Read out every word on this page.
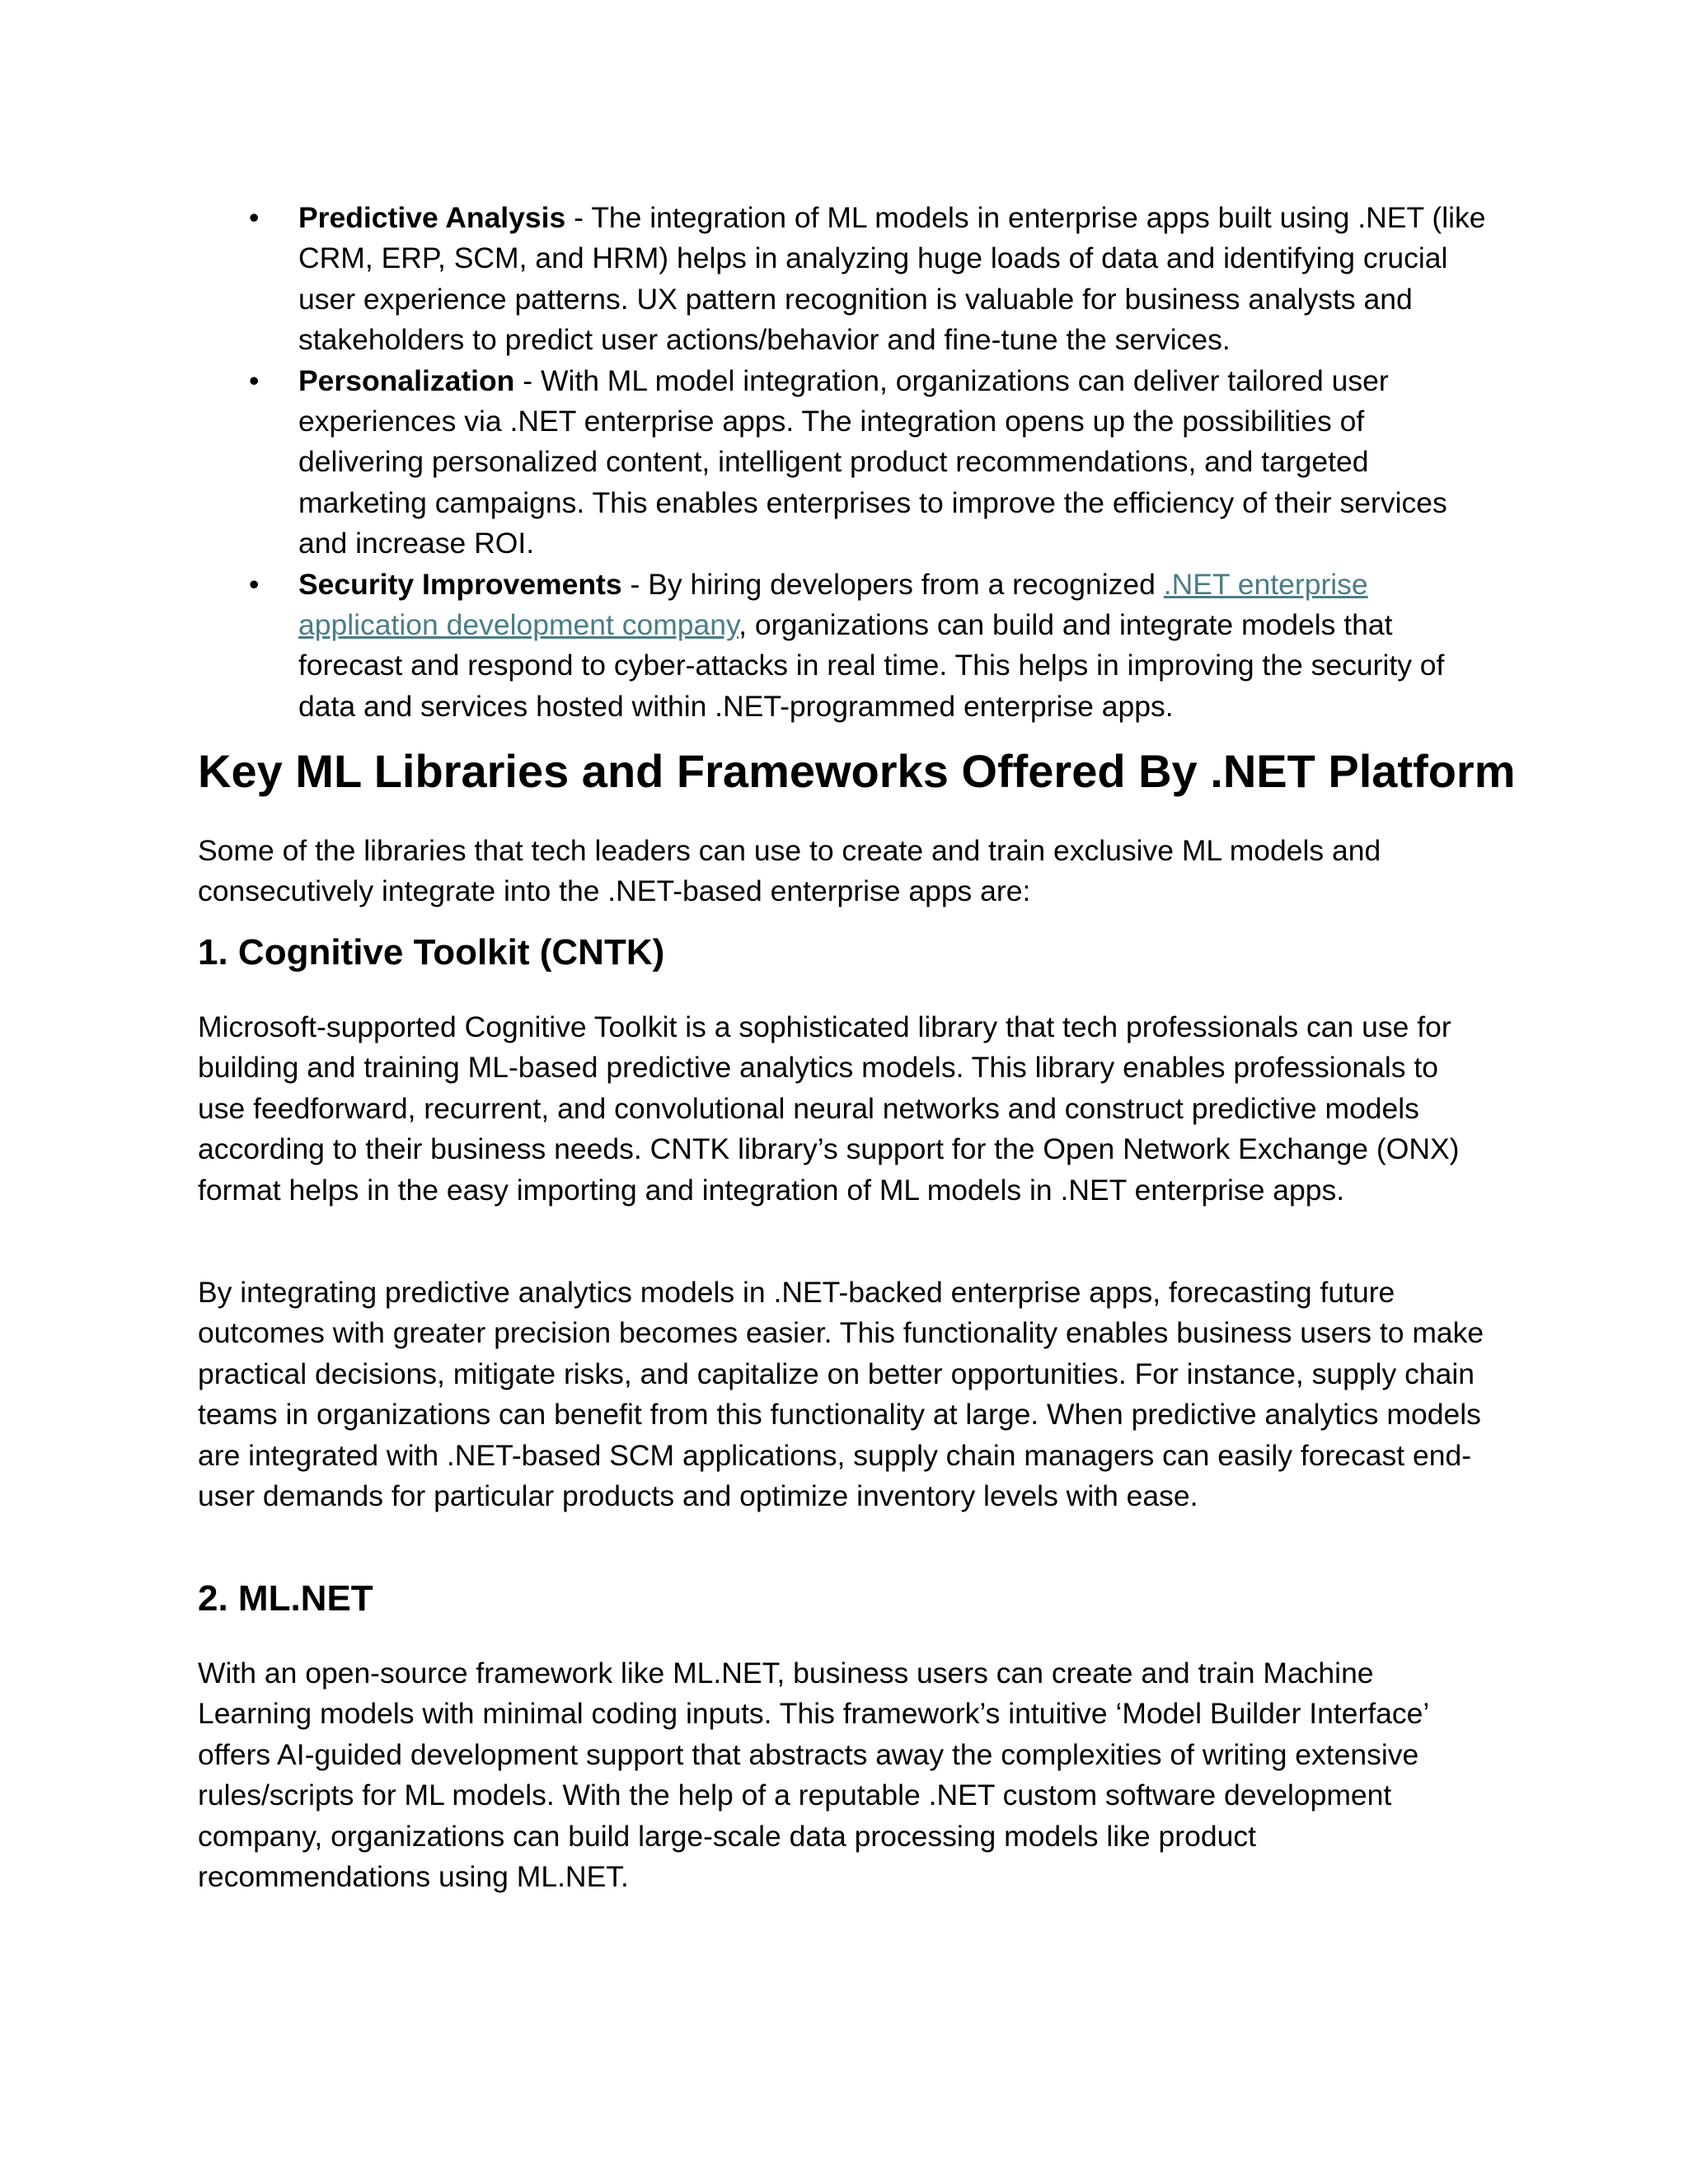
• Predictive Analysis - The integration of ML models in enterprise apps built using .NET (like CRM, ERP, SCM, and HRM) helps in analyzing huge loads of data and identifying crucial user experience patterns. UX pattern recognition is valuable for business analysts and stakeholders to predict user actions/behavior and fine-tune the services.
• Personalization - With ML model integration, organizations can deliver tailored user experiences via .NET enterprise apps. The integration opens up the possibilities of delivering personalized content, intelligent product recommendations, and targeted marketing campaigns. This enables enterprises to improve the efficiency of their services and increase ROI.
• Security Improvements - By hiring developers from a recognized .NET enterprise application development company, organizations can build and integrate models that forecast and respond to cyber-attacks in real time. This helps in improving the security of data and services hosted within .NET-programmed enterprise apps.
Key ML Libraries and Frameworks Offered By .NET Platform

Some of the libraries that tech leaders can use to create and train exclusive ML models and consecutively integrate into the .NET-based enterprise apps are:

1. Cognitive Toolkit (CNTK)

Microsoft-supported Cognitive Toolkit is a sophisticated library that tech professionals can use for building and training ML-based predictive analytics models. This library enables professionals to use feedforward, recurrent, and convolutional neural networks and construct predictive models according to their business needs. CNTK library’s support for the Open Network Exchange (ONX) format helps in the easy importing and integration of ML models in .NET enterprise apps.

By integrating predictive analytics models in .NET-backed enterprise apps, forecasting future outcomes with greater precision becomes easier. This functionality enables business users to make practical decisions, mitigate risks, and capitalize on better opportunities. For instance, supply chain teams in organizations can benefit from this functionality at large. When predictive analytics models are integrated with .NET-based SCM applications, supply chain managers can easily forecast end-user demands for particular products and optimize inventory levels with ease.

2. ML.NET

With an open-source framework like ML.NET, business users can create and train Machine Learning models with minimal coding inputs. This framework’s intuitive ‘Model Builder Interface’ offers AI-guided development support that abstracts away the complexities of writing extensive rules/scripts for ML models. With the help of a reputable .NET custom software development company, organizations can build large-scale data processing models like product recommendations using ML.NET.
